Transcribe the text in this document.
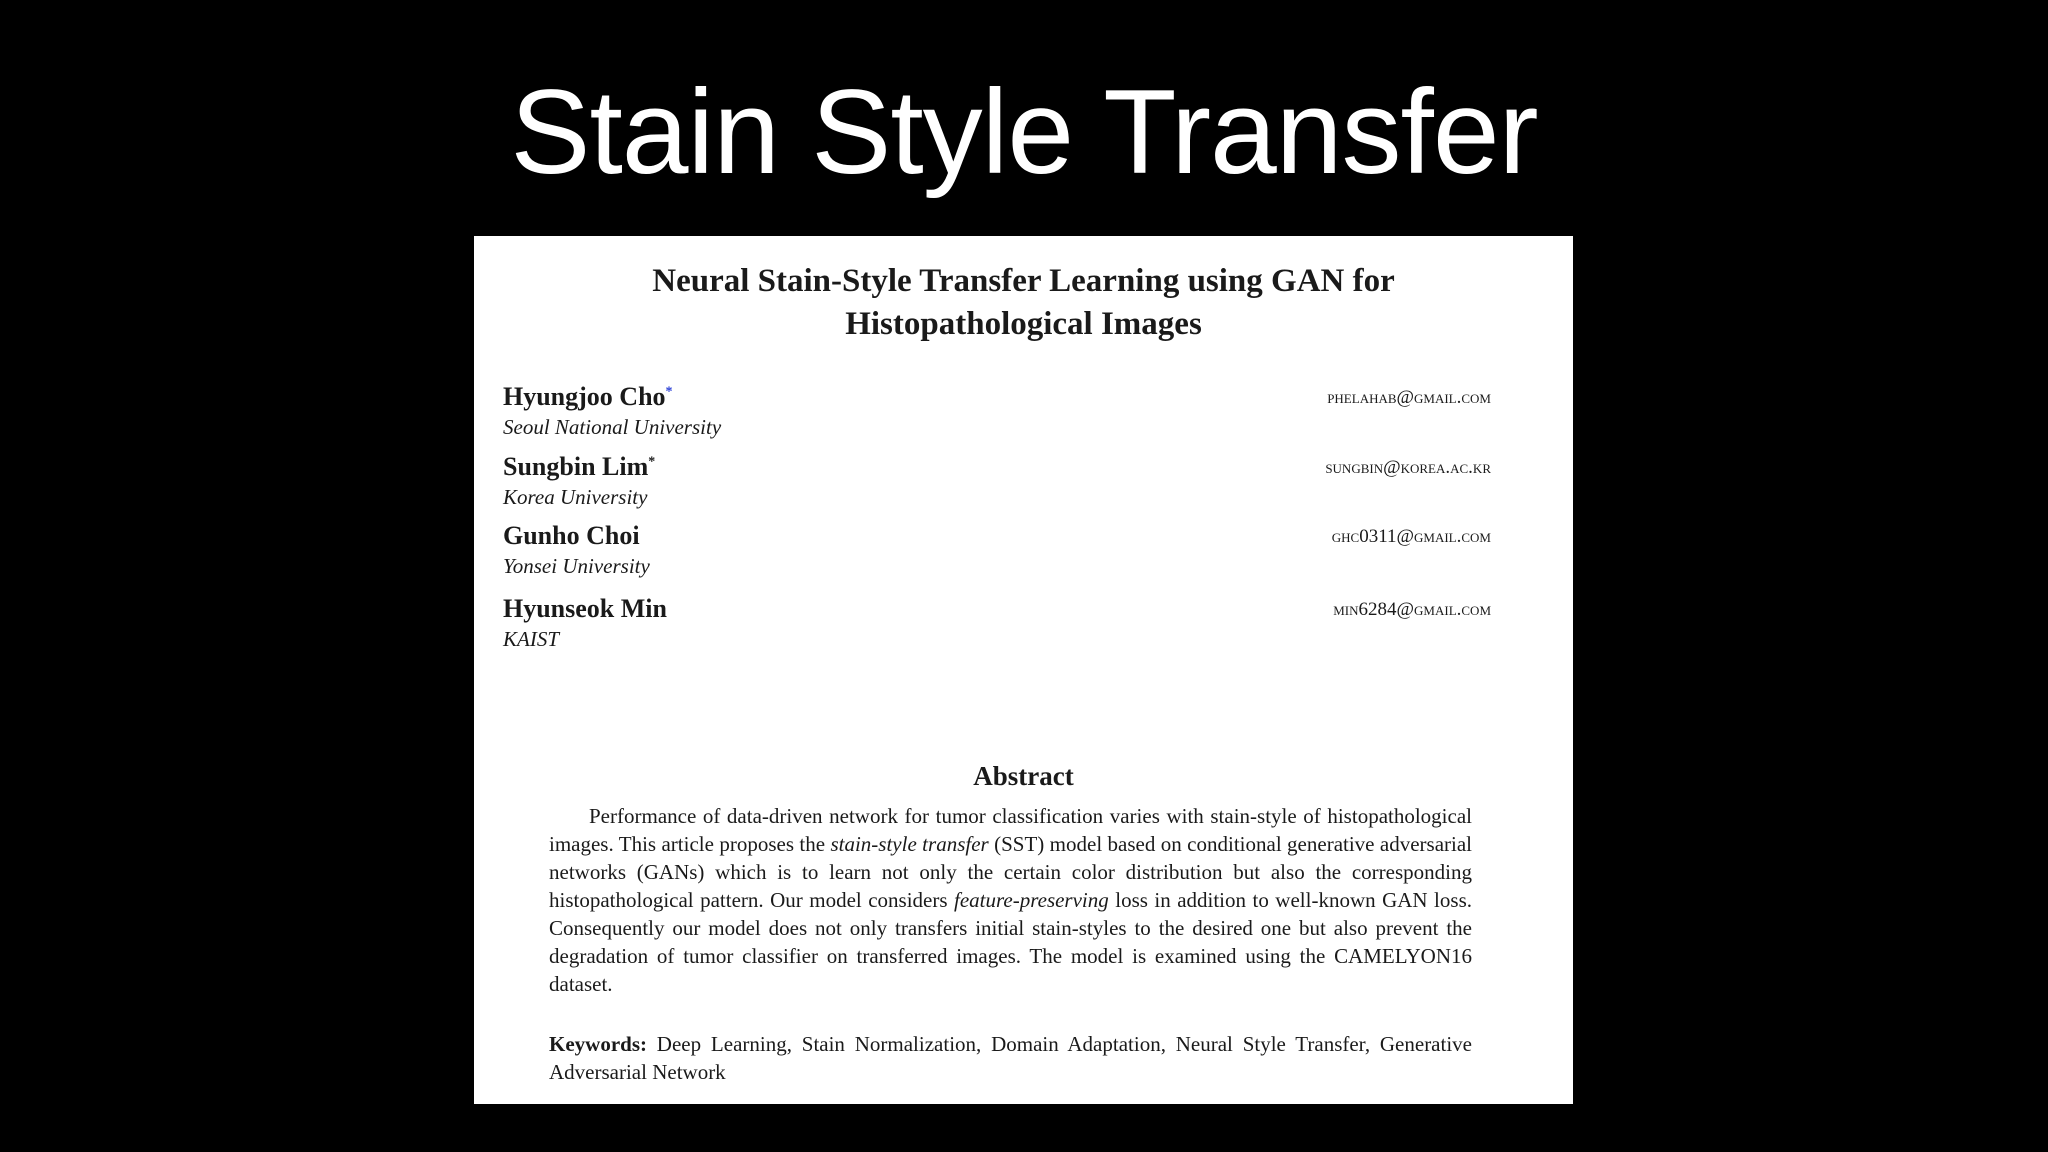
Stain Style Transfer
Neural Stain-Style Transfer Learning using GAN for
Histopathological Images
Hyungjoo Cho*
Seoul National University
phelahab@gmail.com
Sungbin Lim*
Korea University
sungbin@korea.ac.kr
Gunho Choi
Yonsei University
ghc0311@gmail.com
Hyunseok Min
KAIST
min6284@gmail.com
Abstract

Performance of data-driven network for tumor classification varies with stain-style of histopathological images. This article proposes the stain-style transfer (SST) model based on conditional generative adversarial networks (GANs) which is to learn not only the certain color distribution but also the corresponding histopathological pattern. Our model considers feature-preserving loss in addition to well-known GAN loss. Consequently our model does not only transfers initial stain-styles to the desired one but also prevent the degradation of tumor classifier on transferred images. The model is examined using the CAMELYON16 dataset.

Keywords: Deep Learning, Stain Normalization, Domain Adaptation, Neural Style Transfer, Generative Adversarial Network
